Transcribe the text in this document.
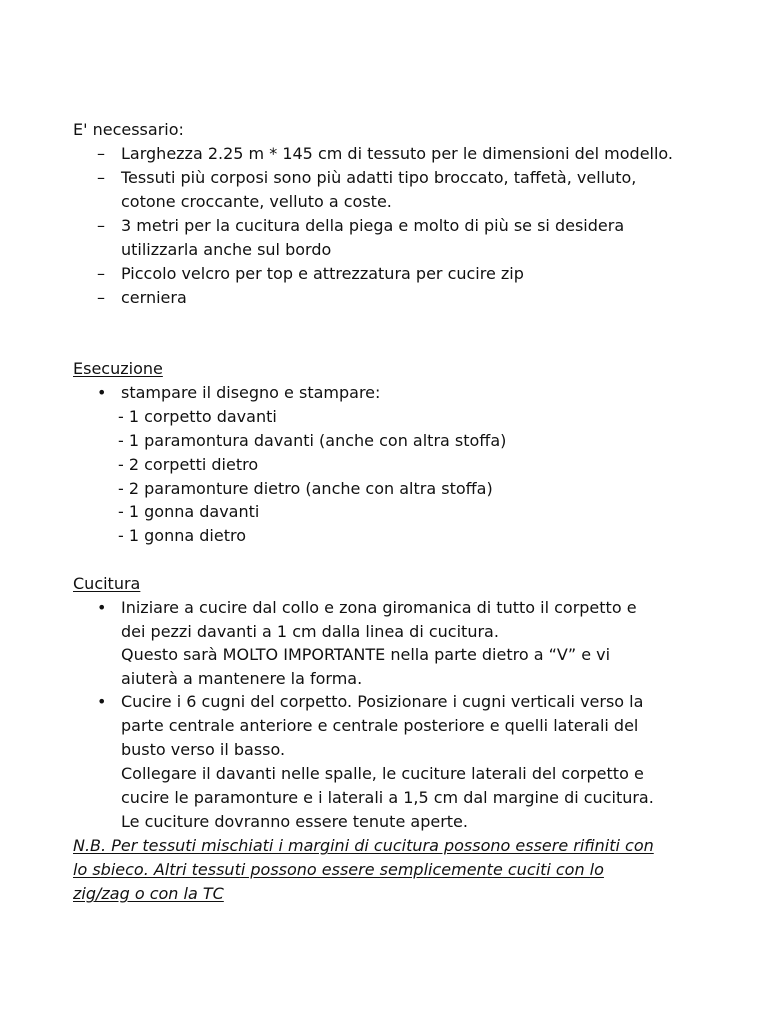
E' necessario:

– Larghezza 2.25 m * 145 cm di tessuto per le dimensioni del modello.

– Tessuti più corposi sono più adatti tipo broccato, taffetà, velluto,

cotone croccante, velluto a coste.

– 3 metri per la cucitura della piega e molto di più se si desidera

utilizzarla anche sul bordo

– Piccolo velcro per top e attrezzatura per cucire zip

– cerniera

Esecuzione

• stampare il disegno e stampare:

- 1 corpetto davanti

- 1 paramontura davanti (anche con altra stoffa)

- 2 corpetti dietro

- 2 paramonture dietro (anche con altra stoffa)

- 1 gonna davanti

- 1 gonna dietro

Cucitura

• Iniziare a cucire dal collo e zona giromanica di tutto il corpetto e

dei pezzi davanti a 1 cm dalla linea di cucitura.

Questo sarà MOLTO IMPORTANTE nella parte dietro a “V” e vi

aiuterà a mantenere la forma.

• Cucire i 6 cugni del corpetto. Posizionare i cugni verticali verso la

parte centrale anteriore e centrale posteriore e quelli laterali del

busto verso il basso.

Collegare il davanti nelle spalle, le cuciture laterali del corpetto e

cucire le paramonture e i laterali a 1,5 cm dal margine di cucitura.

Le cuciture dovranno essere tenute aperte.

N.B. Per tessuti mischiati i margini di cucitura possono essere rifiniti con

lo sbieco. Altri tessuti possono essere semplicemente cuciti con lo

zig/zag o con la TC
